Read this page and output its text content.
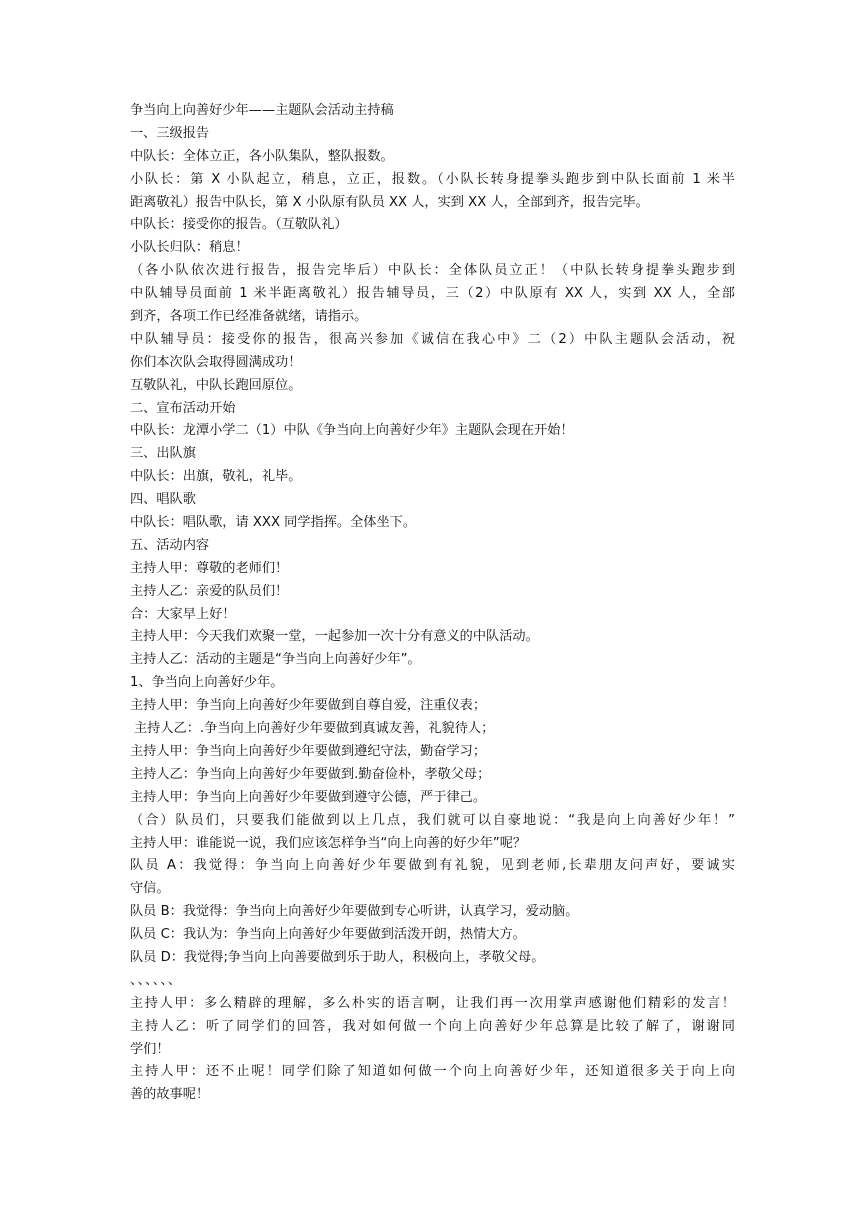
争当向上向善好少年——主题队会活动主持稿
一、三级报告
中队长：全体立正，各小队集队，整队报数。
小队长：第 X 小队起立，稍息，立正，报数。（小队长转身提拳头跑步到中队长面前 1 米半
距离敬礼）报告中队长，第 X 小队原有队员 XX 人，实到 XX 人，全部到齐，报告完毕。
中队长：接受你的报告。（互敬队礼）
小队长归队：稍息！
（各小队依次进行报告，报告完毕后）中队长：全体队员立正！（中队长转身提拳头跑步到
中队辅导员面前 1 米半距离敬礼）报告辅导员，三（2）中队原有 XX 人，实到 XX 人，全部
到齐，各项工作已经准备就绪，请指示。
中队辅导员：接受你的报告，很高兴参加《诚信在我心中》二（2）中队主题队会活动，祝
你们本次队会取得圆满成功！
互敬队礼，中队长跑回原位。
二、宣布活动开始
中队长：龙潭小学二（1）中队《争当向上向善好少年》主题队会现在开始！
三、出队旗
中队长：出旗，敬礼，礼毕。
四、唱队歌
中队长：唱队歌，请 XXX 同学指挥。全体坐下。
五、活动内容
主持人甲：尊敬的老师们！
主持人乙：亲爱的队员们！
合：大家早上好！
主持人甲：今天我们欢聚一堂，一起参加一次十分有意义的中队活动。
主持人乙：活动的主题是“争当向上向善好少年”。
1、争当向上向善好少年。
主持人甲：争当向上向善好少年要做到自尊自爱，注重仪表；
主持人乙：.争当向上向善好少年要做到真诚友善，礼貌待人；
主持人甲：争当向上向善好少年要做到遵纪守法，勤奋学习；
主持人乙：争当向上向善好少年要做到.勤奋俭朴，孝敬父母；
主持人甲：争当向上向善好少年要做到遵守公德，严于律己。
（合）队员们，只要我们能做到以上几点，我们就可以自豪地说：“我是向上向善好少年！”
主持人甲：谁能说一说，我们应该怎样争当“向上向善的好少年”呢？
队员 A：我觉得：争当向上向善好少年要做到有礼貌，见到老师,长辈朋友问声好，要诚实
守信。
队员 B：我觉得：争当向上向善好少年要做到专心听讲，认真学习，爱动脑。
队员 C：我认为：争当向上向善好少年要做到活泼开朗，热情大方。
队员 D：我觉得;争当向上向善要做到乐于助人，积极向上，孝敬父母。
、、、、、、
主持人甲：多么精辟的理解，多么朴实的语言啊，让我们再一次用掌声感谢他们精彩的发言！
主持人乙：听了同学们的回答，我对如何做一个向上向善好少年总算是比较了解了，谢谢同
学们！
主持人甲：还不止呢！同学们除了知道如何做一个向上向善好少年，还知道很多关于向上向
善的故事呢！
